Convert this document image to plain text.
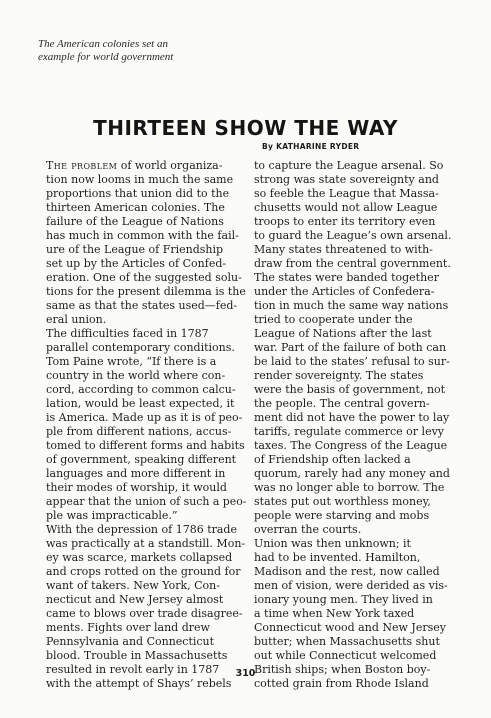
The American colonies set an
example for world government
THIRTEEN SHOW THE WAY
By KATHARINE RYDER
The problem of world organiza-
tion now looms in much the same
proportions that union did to the
thirteen American colonies. The
failure of the League of Nations
has much in common with the fail-
ure of the League of Friendship
set up by the Articles of Confed-
eration. One of the suggested solu-
tions for the present dilemma is the
same as that the states used—fed-
eral union.
The difficulties faced in 1787
parallel contemporary conditions.
Tom Paine wrote, “If there is a
country in the world where con-
cord, according to common calcu-
lation, would be least expected, it
is America. Made up as it is of peo-
ple from different nations, accus-
tomed to different forms and habits
of government, speaking different
languages and more different in
their modes of worship, it would
appear that the union of such a peo-
ple was impracticable.”
With the depression of 1786 trade
was practically at a standstill. Mon-
ey was scarce, markets collapsed
and crops rotted on the ground for
want of takers. New York, Con-
necticut and New Jersey almost
came to blows over trade disagree-
ments. Fights over land drew
Pennsylvania and Connecticut
blood. Trouble in Massachusetts
resulted in revolt early in 1787
with the attempt of Shays’ rebels
to capture the League arsenal. So
strong was state sovereignty and
so feeble the League that Massa-
chusetts would not allow League
troops to enter its territory even
to guard the League’s own arsenal.
Many states threatened to with-
draw from the central government.
The states were banded together
under the Articles of Confedera-
tion in much the same way nations
tried to cooperate under the
League of Nations after the last
war. Part of the failure of both can
be laid to the states’ refusal to sur-
render sovereignty. The states
were the basis of government, not
the people. The central govern-
ment did not have the power to lay
tariffs, regulate commerce or levy
taxes. The Congress of the League
of Friendship often lacked a
quorum, rarely had any money and
was no longer able to borrow. The
states put out worthless money,
people were starving and mobs
overran the courts.
Union was then unknown; it
had to be invented. Hamilton,
Madison and the rest, now called
men of vision, were derided as vis-
ionary young men. They lived in
a time when New York taxed
Connecticut wood and New Jersey
butter; when Massachusetts shut
out while Connecticut welcomed
British ships; when Boston boy-
cotted grain from Rhode Island
310
